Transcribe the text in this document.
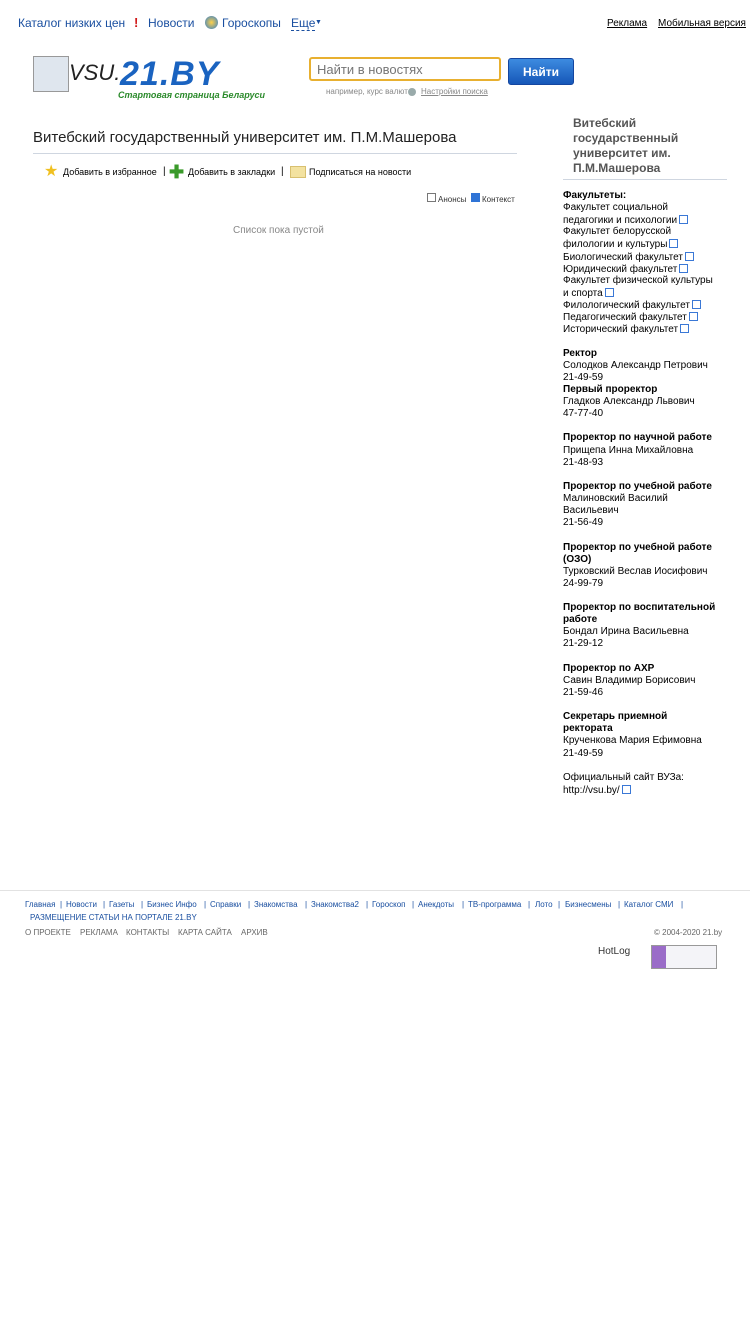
Каталог низких цен ! Новости Гороскопы Еще ▼	Реклама Мобильная версия
VSU. 21.BY
Стартовая страница Беларуси
Найти в новостях
Найти
например, курс валют Настройки поиска
Витебский государственный университет им. П.М.Машерова
★ Добавить в избранное | ✚ Добавить в закладки |	Подписаться на новости
Анонсы Контекст
Список пока пустой
Витебский государственный университет им. П.М.Машерова
Факультеты:
Факультет социальной
педагогики и психологии
Факультет белорусской
филологии и культуры
Биологический факультет
Юридический факультет
Факультет физической культуры
и спорта
Филологический факультет
Педагогический факультет
Исторический факультет
Ректор
Солодков Александр Петрович
21-49-59
Первый проректор
Гладков Александр Львович
47-77-40
Проректор по научной работе
Прищепа Инна Михайловна
21-48-93
Проректор по учебной работе
Малиновский Василий
Васильевич
21-56-49
Проректор по учебной работе
(ОЗО)
Турковский Веслав Иосифович
24-99-79
Проректор по воспитательной
работе
Бондал Ирина Васильевна
21-29-12
Проректор по АХР
Савин Владимир Борисович
21-59-46
Секретарь приемной
ректората
Крученкова Мария Ефимовна
21-49-59
Официальный сайт ВУЗа:
http://vsu.by/
Главная | Новости | Газеты | Бизнес Инфо | Справки | Знакомства | Знакомства2 | Гороскоп | Анекдоты | ТВ-программа | Лото | Бизнесмены | Каталог СМИ |
РАЗМЕЩЕНИЕ СТАТЬИ НА ПОРТАЛЕ 21.BY
О ПРОЕКТЕ РЕКЛАМА КОНТАКТЫ КАРТА САЙТА АРХИВ	© 2004-2020 21.by
HotLog
